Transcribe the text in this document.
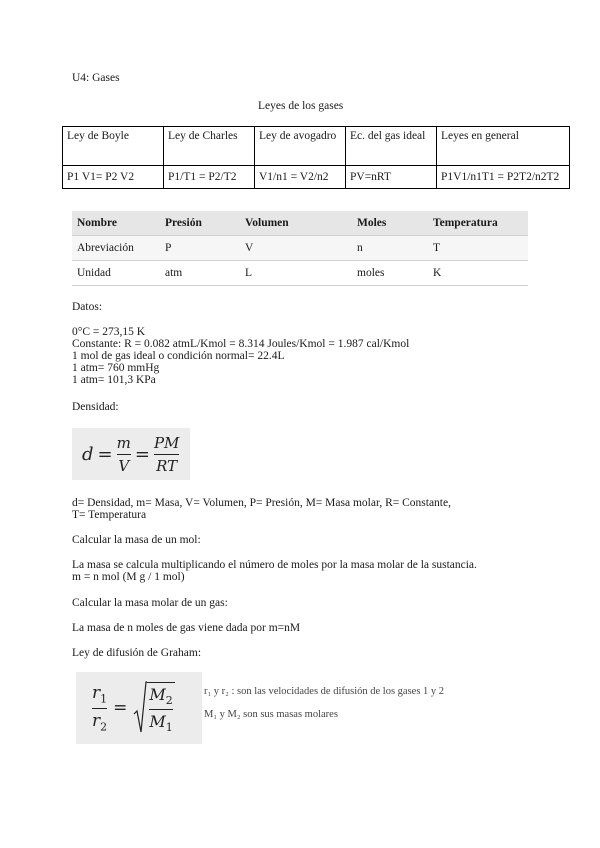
U4: Gases
Leyes de los gases
Ley de Boyle	Ley de Charles	Ley de avogadro	Ec. del gas ideal	Leyes en general
P1 V1= P2 V2	P1/T1 = P2/T2	V1/n1 = V2/n2	PV=nRT	P1V1/n1T1 = P2T2/n2T2
Nombre	Presión	Volumen	Moles	Temperatura
Abreviación	P	V	n	T
Unidad	atm	L	moles	K
Datos:
0°C = 273,15 K
Constante: R = 0.082 atmL/Kmol = 8.314 Joules/Kmol = 1.987 cal/Kmol
1 mol de gas ideal o condición normal= 22.4L
1 atm= 760 mmHg
1 atm= 101,3 KPa
Densidad:
$d = \frac{m}{V} = \frac{PM}{RT}$
d= Densidad, m= Masa, V= Volumen, P= Presión, M= Masa molar, R= Constante,
T= Temperatura
Calcular la masa de un mol:
La masa se calcula multiplicando el número de moles por la masa molar de la sustancia.
m = n mol (M g / 1 mol)
Calcular la masa molar de un gas:
La masa de n moles de gas viene dada por m=nM
Ley de difusión de Graham:
$\frac{r_1}{r_2} = \frac{M_2}{M_1}$	r₁ y r₂ : son las velocidades de difusión de los gases 1 y 2
M₁ y M₂ son sus masas molares
